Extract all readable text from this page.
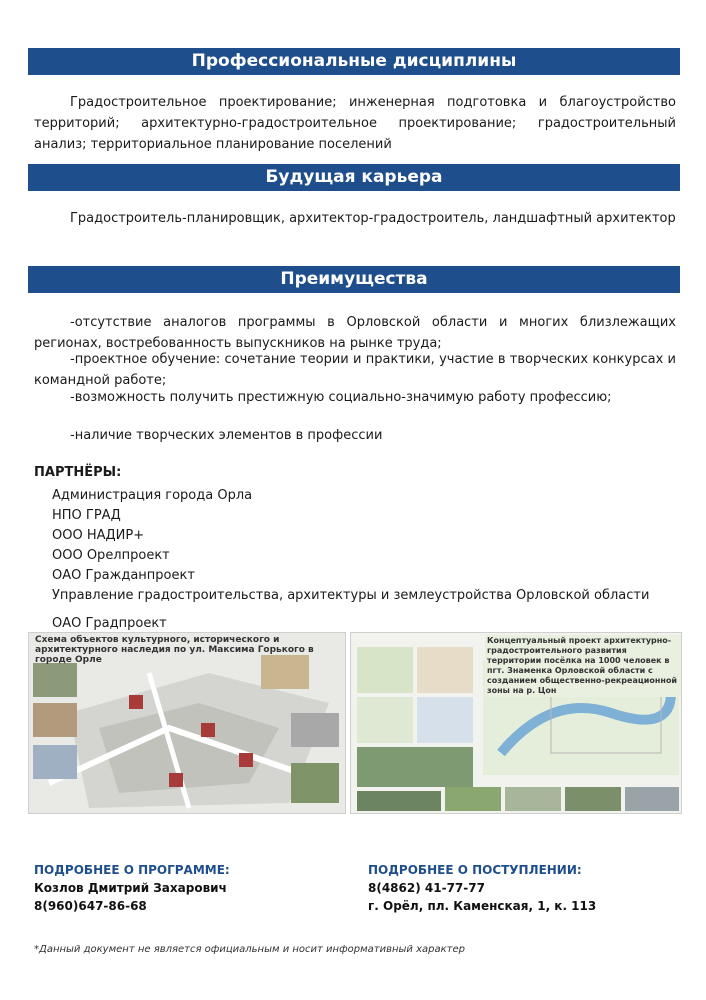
Профессиональные дисциплины

Градостроительное проектирование; инженерная подготовка и благоустройство территорий; архитектурно-градостроительное проектирование; градостроительный анализ; территориальное планирование поселений

Будущая карьера

Градостроитель-планировщик, архитектор-градостроитель, ландшафтный архитектор

Преимущества

-отсутствие аналогов программы в Орловской области и многих близлежащих регионах, востребованность выпускников на рынке труда;

-проектное обучение: сочетание теории и практики, участие в творческих конкурсах и командной работе;

-возможность получить престижную социально-значимую работу профессию;

-наличие творческих элементов в профессии

ПАРТНЁРЫ:

Администрация города Орла

НПО ГРАД

ООО НАДИР+

ООО Орелпроект

ОАО Гражданпроект

Управление градостроительства, архитектуры и землеустройства Орловской области

ОАО Градпроект

Схема объектов культурного, исторического и архитектурного наследия по ул. Максима Горького в городе Орле
Концептуальный проект архитектурно-градостроительного развития территории посёлка на 1000 человек в пгт. Знаменка Орловской области с созданием общественно-рекреационной зоны на р. Цон
ПОДРОБНЕЕ О ПРОГРАММЕ:
Козлов Дмитрий Захарович
8(960)647-86-68
ПОДРОБНЕЕ О ПОСТУПЛЕНИИ:
8(4862) 41-77-77
г. Орёл, пл. Каменская, 1, к. 113
*Данный документ не является официальным и носит информативный характер
